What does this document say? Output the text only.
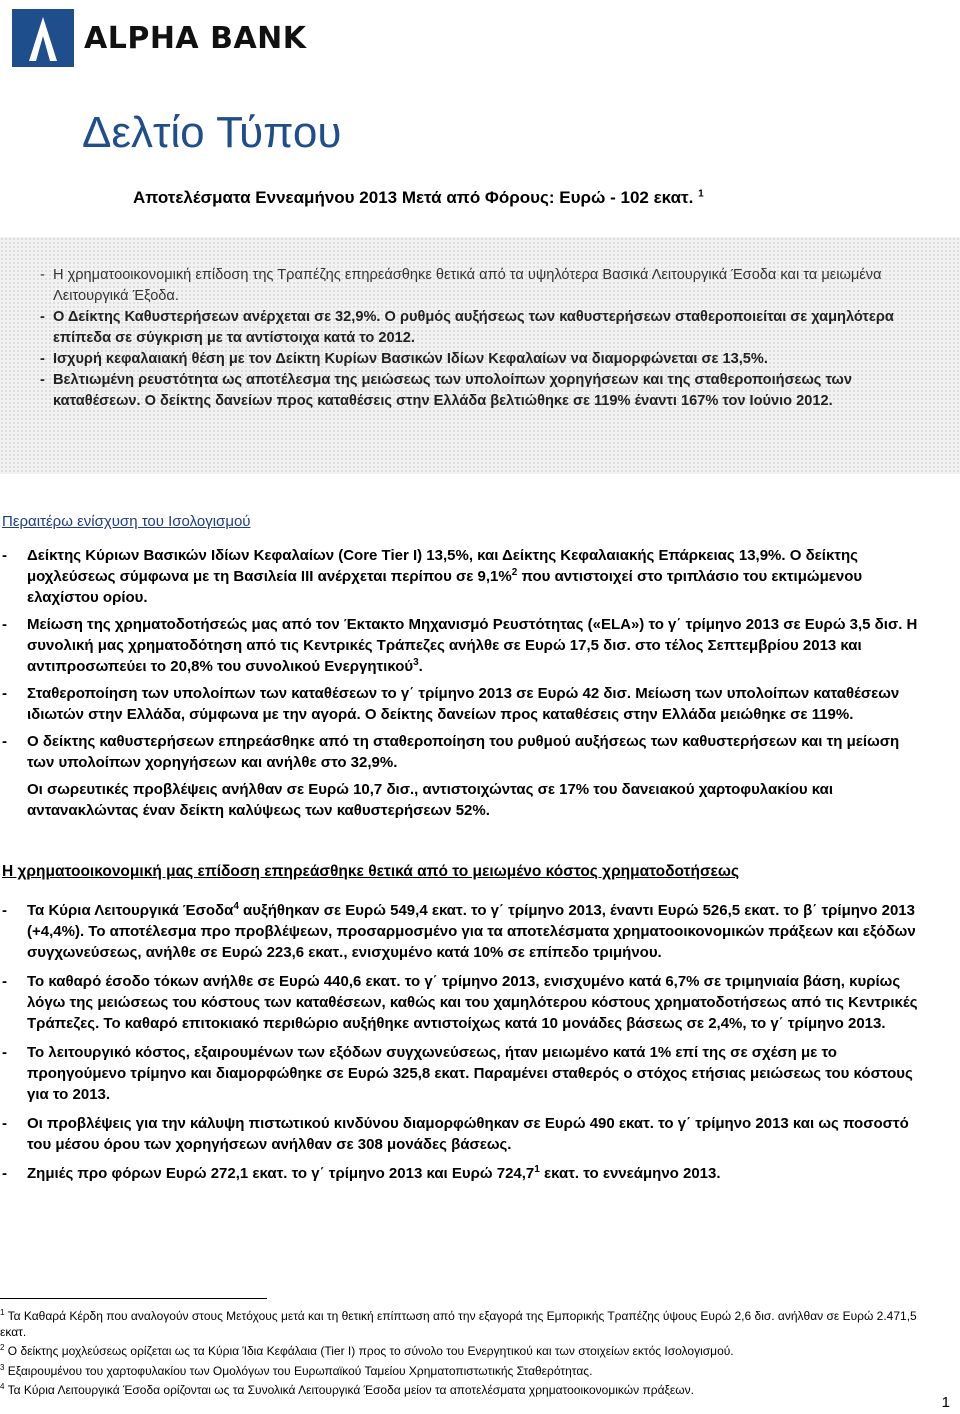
ALPHA BANK
Δελτίο Τύπου
Αποτελέσματα Εννεαμήνου 2013 Μετά από Φόρους: Ευρώ - 102 εκατ. $^1$
- Η χρηματοοικονομική επίδοση της Τραπέζης επηρεάσθηκε θετικά από τα υψηλότερα Βασικά Λειτουργικά Έσοδα και τα μειωμένα Λειτουργικά Έξοδα.
- Ο Δείκτης Καθυστερήσεων ανέρχεται σε 32,9%. Ο ρυθμός αυξήσεως των καθυστερήσεων σταθεροποιείται σε χαμηλότερα επίπεδα σε σύγκριση με τα αντίστοιχα κατά το 2012.
- Ισχυρή κεφαλαιακή θέση με τον Δείκτη Κυρίων Βασικών Ιδίων Κεφαλαίων να διαμορφώνεται σε 13,5%.
- Βελτιωμένη ρευστότητα ως αποτέλεσμα της μειώσεως των υπολοίπων χορηγήσεων και της σταθεροποιήσεως των καταθέσεων. Ο δείκτης δανείων προς καταθέσεις στην Ελλάδα βελτιώθηκε σε 119% έναντι 167% τον Ιούνιο 2012.
Περαιτέρω ενίσχυση του Ισολογισμού
- Δείκτης Κύριων Βασικών Ιδίων Κεφαλαίων (Core Tier I) 13,5%, και Δείκτης Κεφαλαιακής Επάρκειας 13,9%. Ο δείκτης μοχλεύσεως σύμφωνα με τη Βασιλεία ΙΙΙ ανέρχεται περίπου σε 9,1%$^2$ που αντιστοιχεί στο τριπλάσιο του εκτιμώμενου ελαχίστου ορίου.
- Μείωση της χρηματοδοτήσεώς μας από τον Έκτακτο Μηχανισμό Ρευστότητας («ELA») το γ΄ τρίμηνο 2013 σε Ευρώ 3,5 δισ. Η συνολική μας χρηματοδότηση από τις Κεντρικές Τράπεζες ανήλθε σε Ευρώ 17,5 δισ. στο τέλος Σεπτεμβρίου 2013 και αντιπροσωπεύει το 20,8% του συνολικού Ενεργητικού$^3$.
- Σταθεροποίηση των υπολοίπων των καταθέσεων το γ΄ τρίμηνο 2013 σε Ευρώ 42 δισ. Μείωση των υπολοίπων καταθέσεων ιδιωτών στην Ελλάδα, σύμφωνα με την αγορά. Ο δείκτης δανείων προς καταθέσεις στην Ελλάδα μειώθηκε σε 119%.
- Ο δείκτης καθυστερήσεων επηρεάσθηκε από τη σταθεροποίηση του ρυθμού αυξήσεως των καθυστερήσεων και τη μείωση των υπολοίπων χορηγήσεων και ανήλθε στο 32,9%.

Οι σωρευτικές προβλέψεις ανήλθαν σε Ευρώ 10,7 δισ., αντιστοιχώντας σε 17% του δανειακού χαρτοφυλακίου και αντανακλώντας έναν δείκτη καλύψεως των καθυστερήσεων 52%.

Η χρηματοοικονομική μας επίδοση επηρεάσθηκε θετικά από το μειωμένο κόστος χρηματοδοτήσεως
- Τα Κύρια Λειτουργικά Έσοδα$^4$ αυξήθηκαν σε Ευρώ 549,4 εκατ. το γ΄ τρίμηνο 2013, έναντι Ευρώ 526,5 εκατ. το β΄ τρίμηνο 2013 (+4,4%). Το αποτέλεσμα προ προβλέψεων, προσαρμοσμένο για τα αποτελέσματα χρηματοοικονομικών πράξεων και εξόδων συγχωνεύσεως, ανήλθε σε Ευρώ 223,6 εκατ., ενισχυμένο κατά 10% σε επίπεδο τριμήνου.
- Το καθαρό έσοδο τόκων ανήλθε σε Ευρώ 440,6 εκατ. το γ΄ τρίμηνο 2013, ενισχυμένο κατά 6,7% σε τριμηνιαία βάση, κυρίως λόγω της μειώσεως του κόστους των καταθέσεων, καθώς και του χαμηλότερου κόστους χρηματοδοτήσεως από τις Κεντρικές Τράπεζες. Το καθαρό επιτοκιακό περιθώριο αυξήθηκε αντιστοίχως κατά 10 μονάδες βάσεως σε 2,4%, το γ΄ τρίμηνο 2013.
- Το λειτουργικό κόστος, εξαιρουμένων των εξόδων συγχωνεύσεως, ήταν μειωμένο κατά 1% επί της σε σχέση με το προηγούμενο τρίμηνο και διαμορφώθηκε σε Ευρώ 325,8 εκατ. Παραμένει σταθερός ο στόχος ετήσιας μειώσεως του κόστους για το 2013.
- Οι προβλέψεις για την κάλυψη πιστωτικού κινδύνου διαμορφώθηκαν σε Ευρώ 490 εκατ. το γ΄ τρίμηνο 2013 και ως ποσοστό του μέσου όρου των χορηγήσεων ανήλθαν σε 308 μονάδες βάσεως.
- Ζημιές προ φόρων Ευρώ 272,1 εκατ. το γ΄ τρίμηνο 2013 και Ευρώ 724,7$^1$ εκατ. το εννεάμηνο 2013.

$^1$ Τα Καθαρά Κέρδη που αναλογούν στους Μετόχους μετά και τη θετική επίπτωση από την εξαγορά της Εμπορικής Τραπέζης ύψους Ευρώ 2,6 δισ. ανήλθαν σε Ευρώ 2.471,5 εκατ.

$^2$ Ο δείκτης μοχλεύσεως ορίζεται ως τα Κύρια Ίδια Κεφάλαια (Tier I) προς το σύνολο του Ενεργητικού και των στοιχείων εκτός Ισολογισμού.

$^3$ Εξαιρουμένου του χαρτοφυλακίου των Ομολόγων του Ευρωπαϊκού Ταμείου Χρηματοπιστωτικής Σταθερότητας.

$^4$ Τα Κύρια Λειτουργικά Έσοδα ορίζονται ως τα Συνολικά Λειτουργικά Έσοδα μείον τα αποτελέσματα χρηματοοικονομικών πράξεων.

1
